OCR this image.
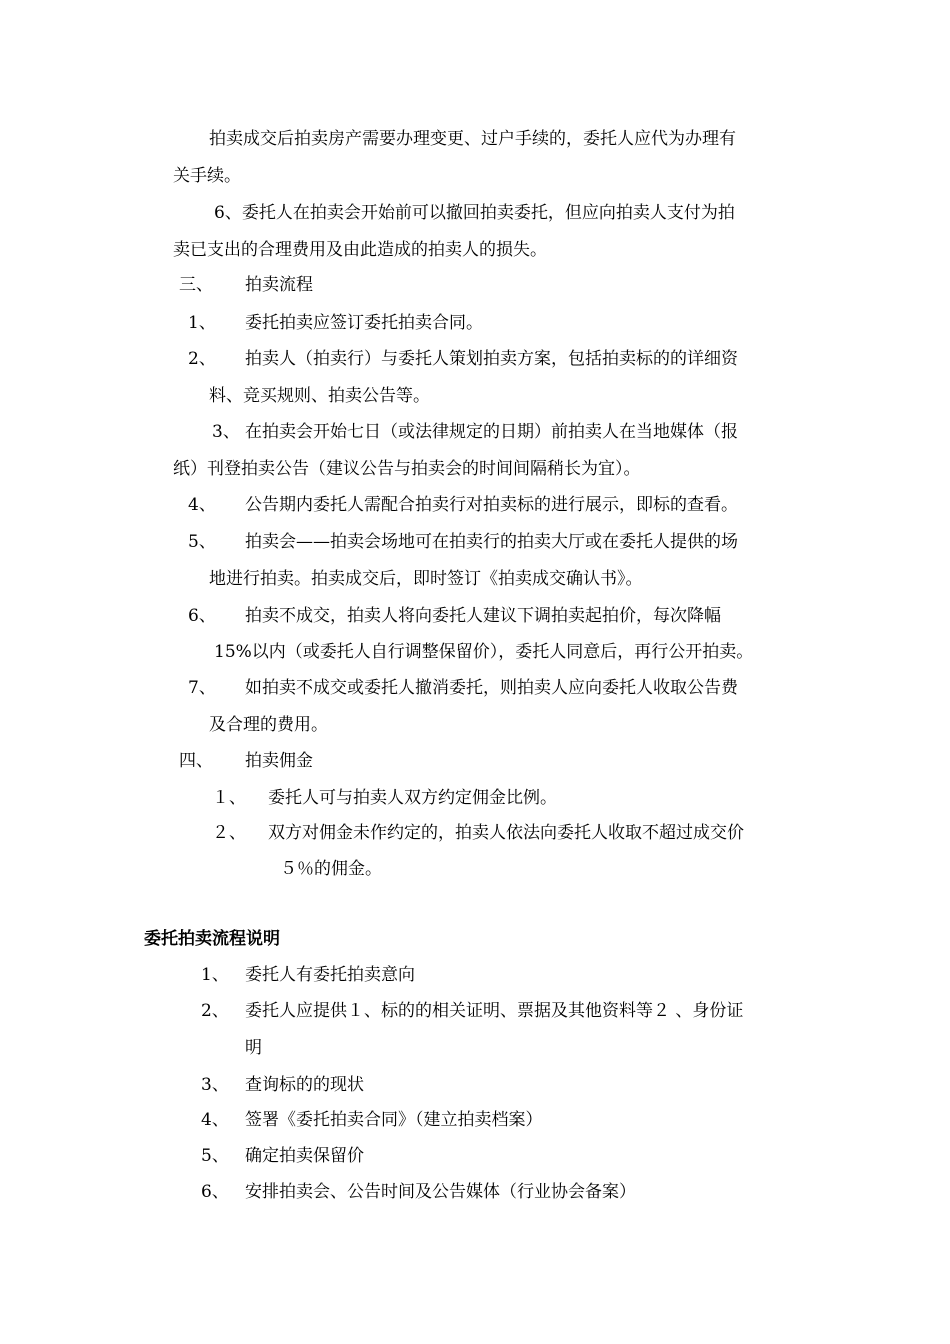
拍卖成交后拍卖房产需要办理变更、过户手续的，委托人应代为办理有
关手续。
6、委托人在拍卖会开始前可以撤回拍卖委托，但应向拍卖人支付为拍
卖已支出的合理费用及由此造成的拍卖人的损失。
三、 拍卖流程
1、 委托拍卖应签订委托拍卖合同。
2、 拍卖人（拍卖行）与委托人策划拍卖方案，包括拍卖标的的详细资
料、竞买规则、拍卖公告等。
3、 在拍卖会开始七日（或法律规定的日期）前拍卖人在当地媒体（报
纸）刊登拍卖公告（建议公告与拍卖会的时间间隔稍长为宜）。
4、 公告期内委托人需配合拍卖行对拍卖标的进行展示，即标的查看。
5、 拍卖会——拍卖会场地可在拍卖行的拍卖大厅或在委托人提供的场
地进行拍卖。拍卖成交后，即时签订《拍卖成交确认书》。
6、 拍卖不成交，拍卖人将向委托人建议下调拍卖起拍价，每次降幅
15%以内（或委托人自行调整保留价），委托人同意后，再行公开拍卖。
7、 如拍卖不成交或委托人撤消委托，则拍卖人应向委托人收取公告费
及合理的费用。
四、 拍卖佣金
１、 委托人可与拍卖人双方约定佣金比例。
２、 双方对佣金未作约定的，拍卖人依法向委托人收取不超过成交价
５％的佣金。
委托拍卖流程说明
1、 委托人有委托拍卖意向
2、 委托人应提供１、标的的相关证明、票据及其他资料等２ 、身份证
明
3、 查询标的的现状
4、 签署《委托拍卖合同》（建立拍卖档案）
5、 确定拍卖保留价
6、 安排拍卖会、公告时间及公告媒体（行业协会备案）
